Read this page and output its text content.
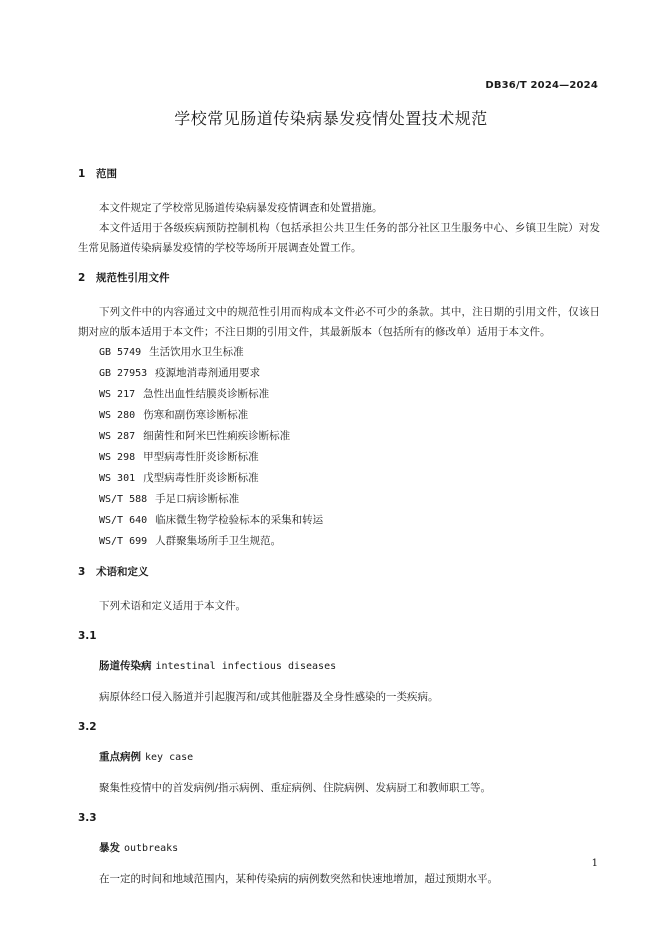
DB36/T 2024—2024
学校常见肠道传染病暴发疫情处置技术规范
1 范围
本文件规定了学校常见肠道传染病暴发疫情调查和处置措施。
本文件适用于各级疾病预防控制机构（包括承担公共卫生任务的部分社区卫生服务中心、乡镇卫生院）对发生常见肠道传染病暴发疫情的学校等场所开展调查处置工作。
2 规范性引用文件
下列文件中的内容通过文中的规范性引用而构成本文件必不可少的条款。其中，注日期的引用文件，仅该日期对应的版本适用于本文件；不注日期的引用文件，其最新版本（包括所有的修改单）适用于本文件。
GB 5749 生活饮用水卫生标准
GB 27953 疫源地消毒剂通用要求
WS 217 急性出血性结膜炎诊断标准
WS 280 伤寒和副伤寒诊断标准
WS 287 细菌性和阿米巴性痢疾诊断标准
WS 298 甲型病毒性肝炎诊断标准
WS 301 戊型病毒性肝炎诊断标准
WS/T 588 手足口病诊断标准
WS/T 640 临床微生物学检验标本的采集和转运
WS/T 699 人群聚集场所手卫生规范。
3 术语和定义
下列术语和定义适用于本文件。
3.1
肠道传染病 intestinal infectious diseases
病原体经口侵入肠道并引起腹泻和/或其他脏器及全身性感染的一类疾病。
3.2
重点病例 key case
聚集性疫情中的首发病例/指示病例、重症病例、住院病例、发病厨工和教师职工等。
3.3
暴发 outbreaks
在一定的时间和地域范围内，某种传染病的病例数突然和快速地增加，超过预期水平。
1
